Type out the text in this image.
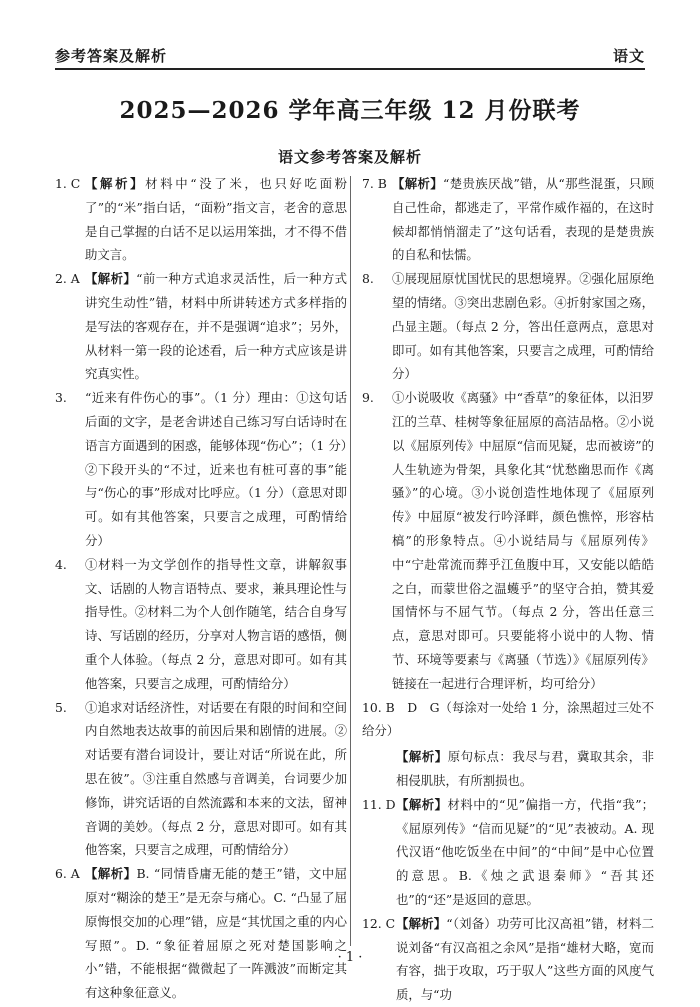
参考答案及解析	语文
2025—2026 学年高三年级 12 月份联考
语文参考答案及解析
1. C 【解析】材料中“没了米，也只好吃面粉了”的“米”指白话，“面粉”指文言，老舍的意思是自己掌握的白话不足以运用笨拙，才不得不借助文言。
2. A 【解析】“前一种方式追求灵活性，后一种方式讲究生动性”错，材料中所讲转述方式多样指的是写法的客观存在，并不是强调“追求”；另外，从材料一第一段的论述看，后一种方式应该是讲究真实性。
3.	“近来有件伤心的事”。（1 分）理由：①这句话后面的文字，是老舍讲述自己练习写白话诗时在语言方面遇到的困惑，能够体现“伤心”；（1 分）②下段开头的“不过，近来也有桩可喜的事”能与“伤心的事”形成对比呼应。（1 分）（意思对即可。如有其他答案，只要言之成理，可酌情给分）
4.	①材料一为文学创作的指导性文章，讲解叙事文、话剧的人物言语特点、要求，兼具理论性与指导性。②材料二为个人创作随笔，结合自身写诗、写话剧的经历，分享对人物言语的感悟，侧重个人体验。（每点 2 分，意思对即可。如有其他答案，只要言之成理，可酌情给分）
5.	①追求对话经济性，对话要在有限的时间和空间内自然地表达故事的前因后果和剧情的进展。②对话要有潜台词设计，要让对话“所说在此，所思在彼”。③注重自然感与音调美，台词要少加修饰，讲究话语的自然流露和本来的文法，留神音调的美妙。（每点 2 分，意思对即可。如有其他答案，只要言之成理，可酌情给分）
6. A 【解析】B. “同情昏庸无能的楚王”错，文中屈原对“糊涂的楚王”是无奈与痛心。C. “凸显了屈原悔恨交加的心理”错，应是“其忧国之重的内心写照”。D. “象征着屈原之死对楚国影响之小”错，不能根据“微微起了一阵溅波”而断定其有这种象征意义。
7. B 【解析】“楚贵族厌战”错，从“那些混蛋，只顾自己性命，都逃走了，平常作威作福的，在这时候却都悄悄溜走了”这句话看，表现的是楚贵族的自私和怯懦。
8.	①展现屈原忧国忧民的思想境界。②强化屈原绝望的情绪。③突出悲剧色彩。④折射家国之殇，凸显主题。（每点 2 分，答出任意两点，意思对即可。如有其他答案，只要言之成理，可酌情给分）
9.	①小说吸收《离骚》中“香草”的象征体，以汨罗江的兰草、桂树等象征屈原的高洁品格。②小说以《屈原列传》中屈原“信而见疑，忠而被谤”的人生轨迹为骨架，具象化其“忧愁幽思而作《离骚》”的心境。③小说创造性地体现了《屈原列传》中屈原“被发行吟泽畔，颜色憔悴，形容枯槁”的形象特点。④小说结局与《屈原列传》中“宁赴常流而葬乎江鱼腹中耳，又安能以皓皓之白，而蒙世俗之温蠖乎”的坚守合拍，赞其爱国情怀与不屈气节。（每点 2 分，答出任意三点，意思对即可。只要能将小说中的人物、情节、环境等要素与《离骚（节选）》《屈原列传》链接在一起进行合理评析，均可给分）
10. B　D　G（每涂对一处给 1 分，涂黑超过三处不给分）
【解析】原句标点：我尽与君，冀取其余，非相侵肌肤，有所割损也。
11. D 【解析】材料中的“见”偏指一方，代指“我”；《屈原列传》“信而见疑”的“见”表被动。A. 现代汉语“他吃饭坐在中间”的“中间”是中心位置的意思。B.《烛之武退秦师》“吾其还也”的“还”是返回的意思。
12. C 【解析】“（刘备）功劳可比汉高祖”错，材料二说刘备“有汉高祖之余风”是指“雄材大略，宽而有容，拙于攻取，巧于驭人”这些方面的风度气质，与“功
· 1 ·
